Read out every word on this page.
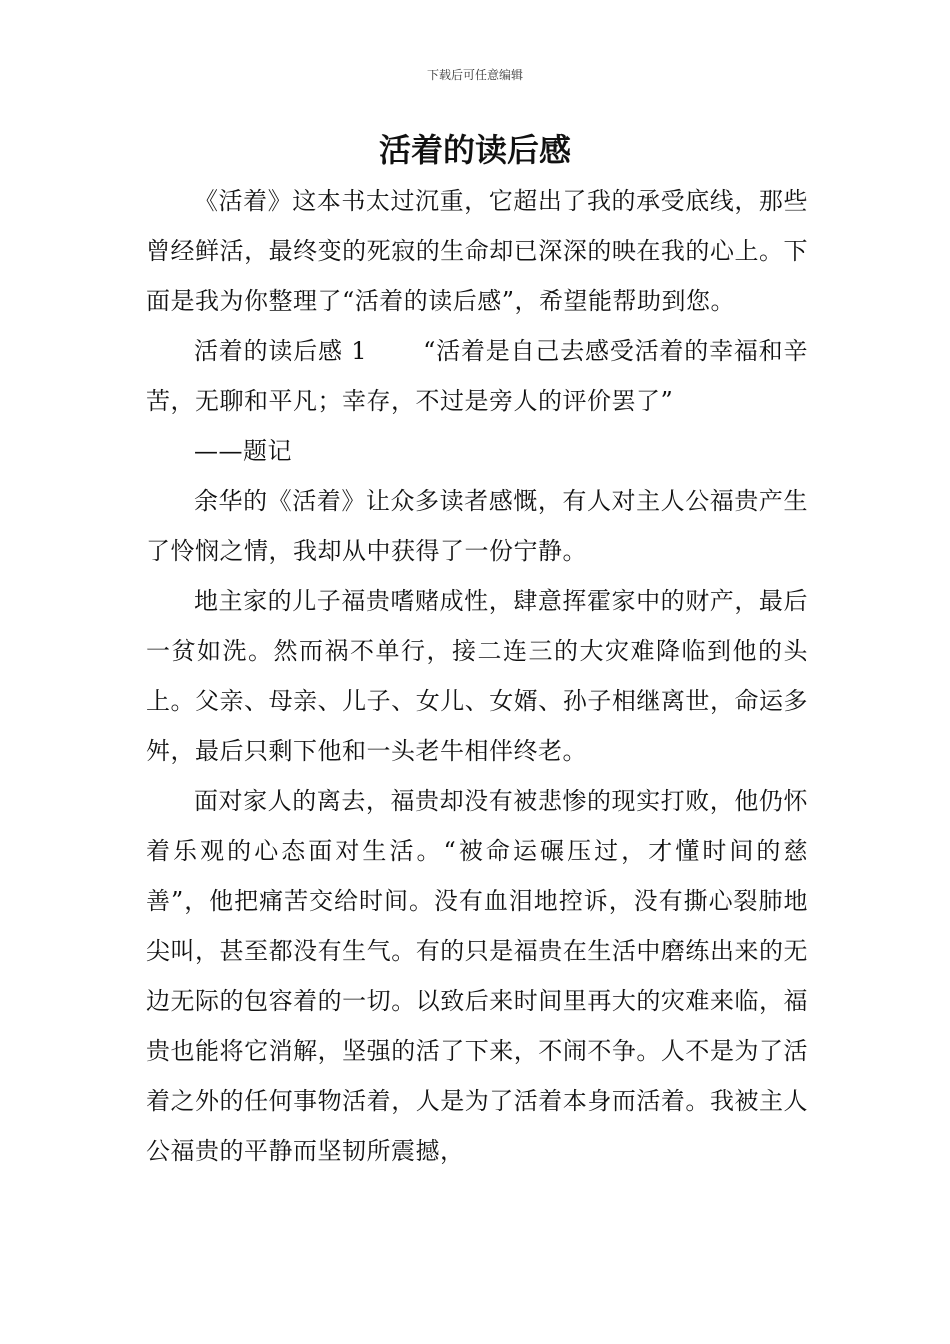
下载后可任意编辑
活着的读后感

《活着》这本书太过沉重，它超出了我的承受底线，那些曾经鲜活，最终变的死寂的生命却已深深的映在我的心上。下面是我为你整理了“活着的读后感”，希望能帮助到您。

活着的读后感 1 “活着是自己去感受活着的幸福和辛苦，无聊和平凡；幸存，不过是旁人的评价罢了”

——题记

余华的《活着》让众多读者感慨，有人对主人公福贵产生了怜悯之情，我却从中获得了一份宁静。

地主家的儿子福贵嗜赌成性，肆意挥霍家中的财产，最后一贫如洗。然而祸不单行，接二连三的大灾难降临到他的头上。父亲、母亲、儿子、女儿、女婿、孙子相继离世，命运多舛，最后只剩下他和一头老牛相伴终老。

面对家人的离去，福贵却没有被悲惨的现实打败，他仍怀着乐观的心态面对生活。“被命运碾压过，才懂时间的慈善”，他把痛苦交给时间。没有血泪地控诉，没有撕心裂肺地尖叫，甚至都没有生气。有的只是福贵在生活中磨练出来的无边无际的包容着的一切。以致后来时间里再大的灾难来临，福贵也能将它消解，坚强的活了下来，不闹不争。人不是为了活着之外的任何事物活着，人是为了活着本身而活着。我被主人公福贵的平静而坚韧所震撼，
